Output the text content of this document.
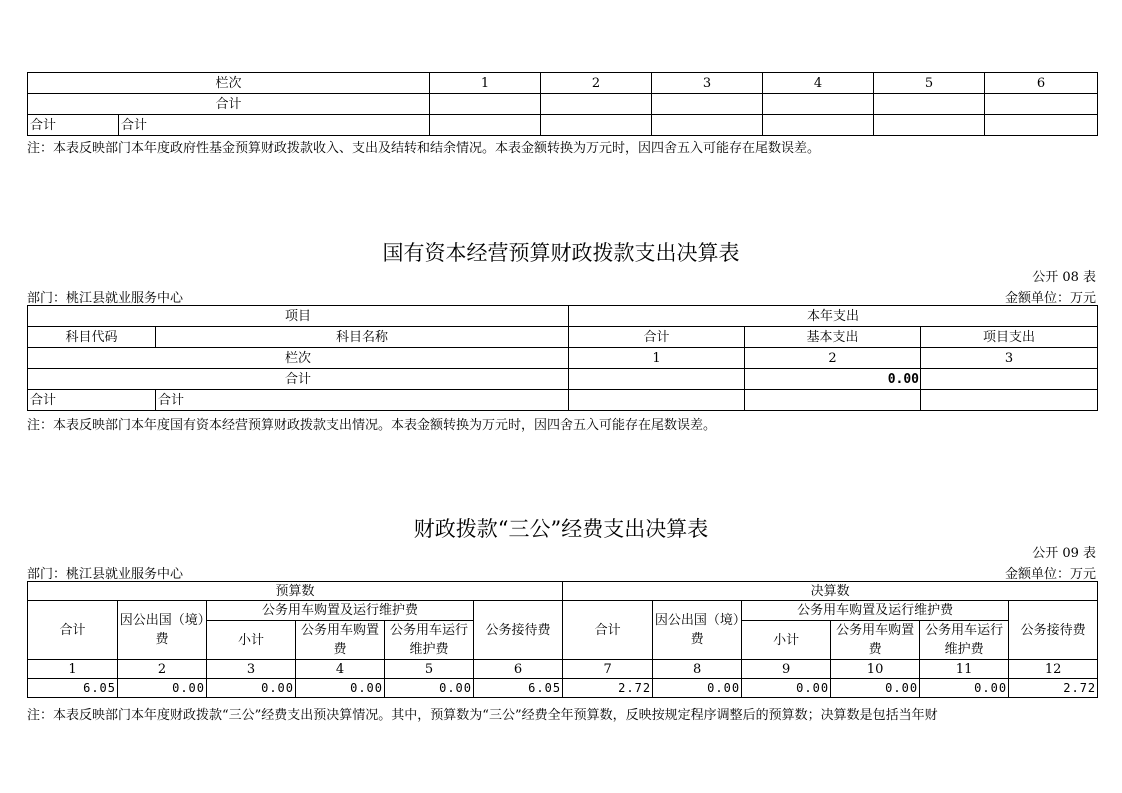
栏次		1	2	3	4	5	6
合计							
合计	合计						
注：本表反映部门本年度政府性基金预算财政拨款收入、支出及结转和结余情况。本表金额转换为万元时，因四舍五入可能存在尾数误差。
国有资本经营预算财政拨款支出决算表
公开 08 表
部门：桃江县就业服务中心	金额单位：万元
项目		本年支出		
科目代码	科目名称	合计	基本支出	项目支出
栏次		1	2	3
合计			0.00	
合计	合计			
注：本表反映部门本年度国有资本经营预算财政拨款支出情况。本表金额转换为万元时，因四舍五入可能存在尾数误差。
财政拨款“三公”经费支出决算表
公开 09 表
部门：桃江县就业服务中心	金额单位：万元
预算数						决算数					
合计	因公出国（境）费	公务用车购置及运行维护费			公务接待费	合计	因公出国（境）费	公务用车购置及运行维护费			公务接待费
		小计	公务用车购置费	公务用车运行维护费				小计	公务用车购置费	公务用车运行维护费	
1	2	3	4	5	6	7	8	9	10	11	12
6.05	0.00	0.00	0.00	0.00	6.05	2.72	0.00	0.00	0.00	0.00	2.72
注：本表反映部门本年度财政拨款“三公”经费支出预决算情况。其中，预算数为“三公”经费全年预算数，反映按规定程序调整后的预算数；决算数是包括当年财
